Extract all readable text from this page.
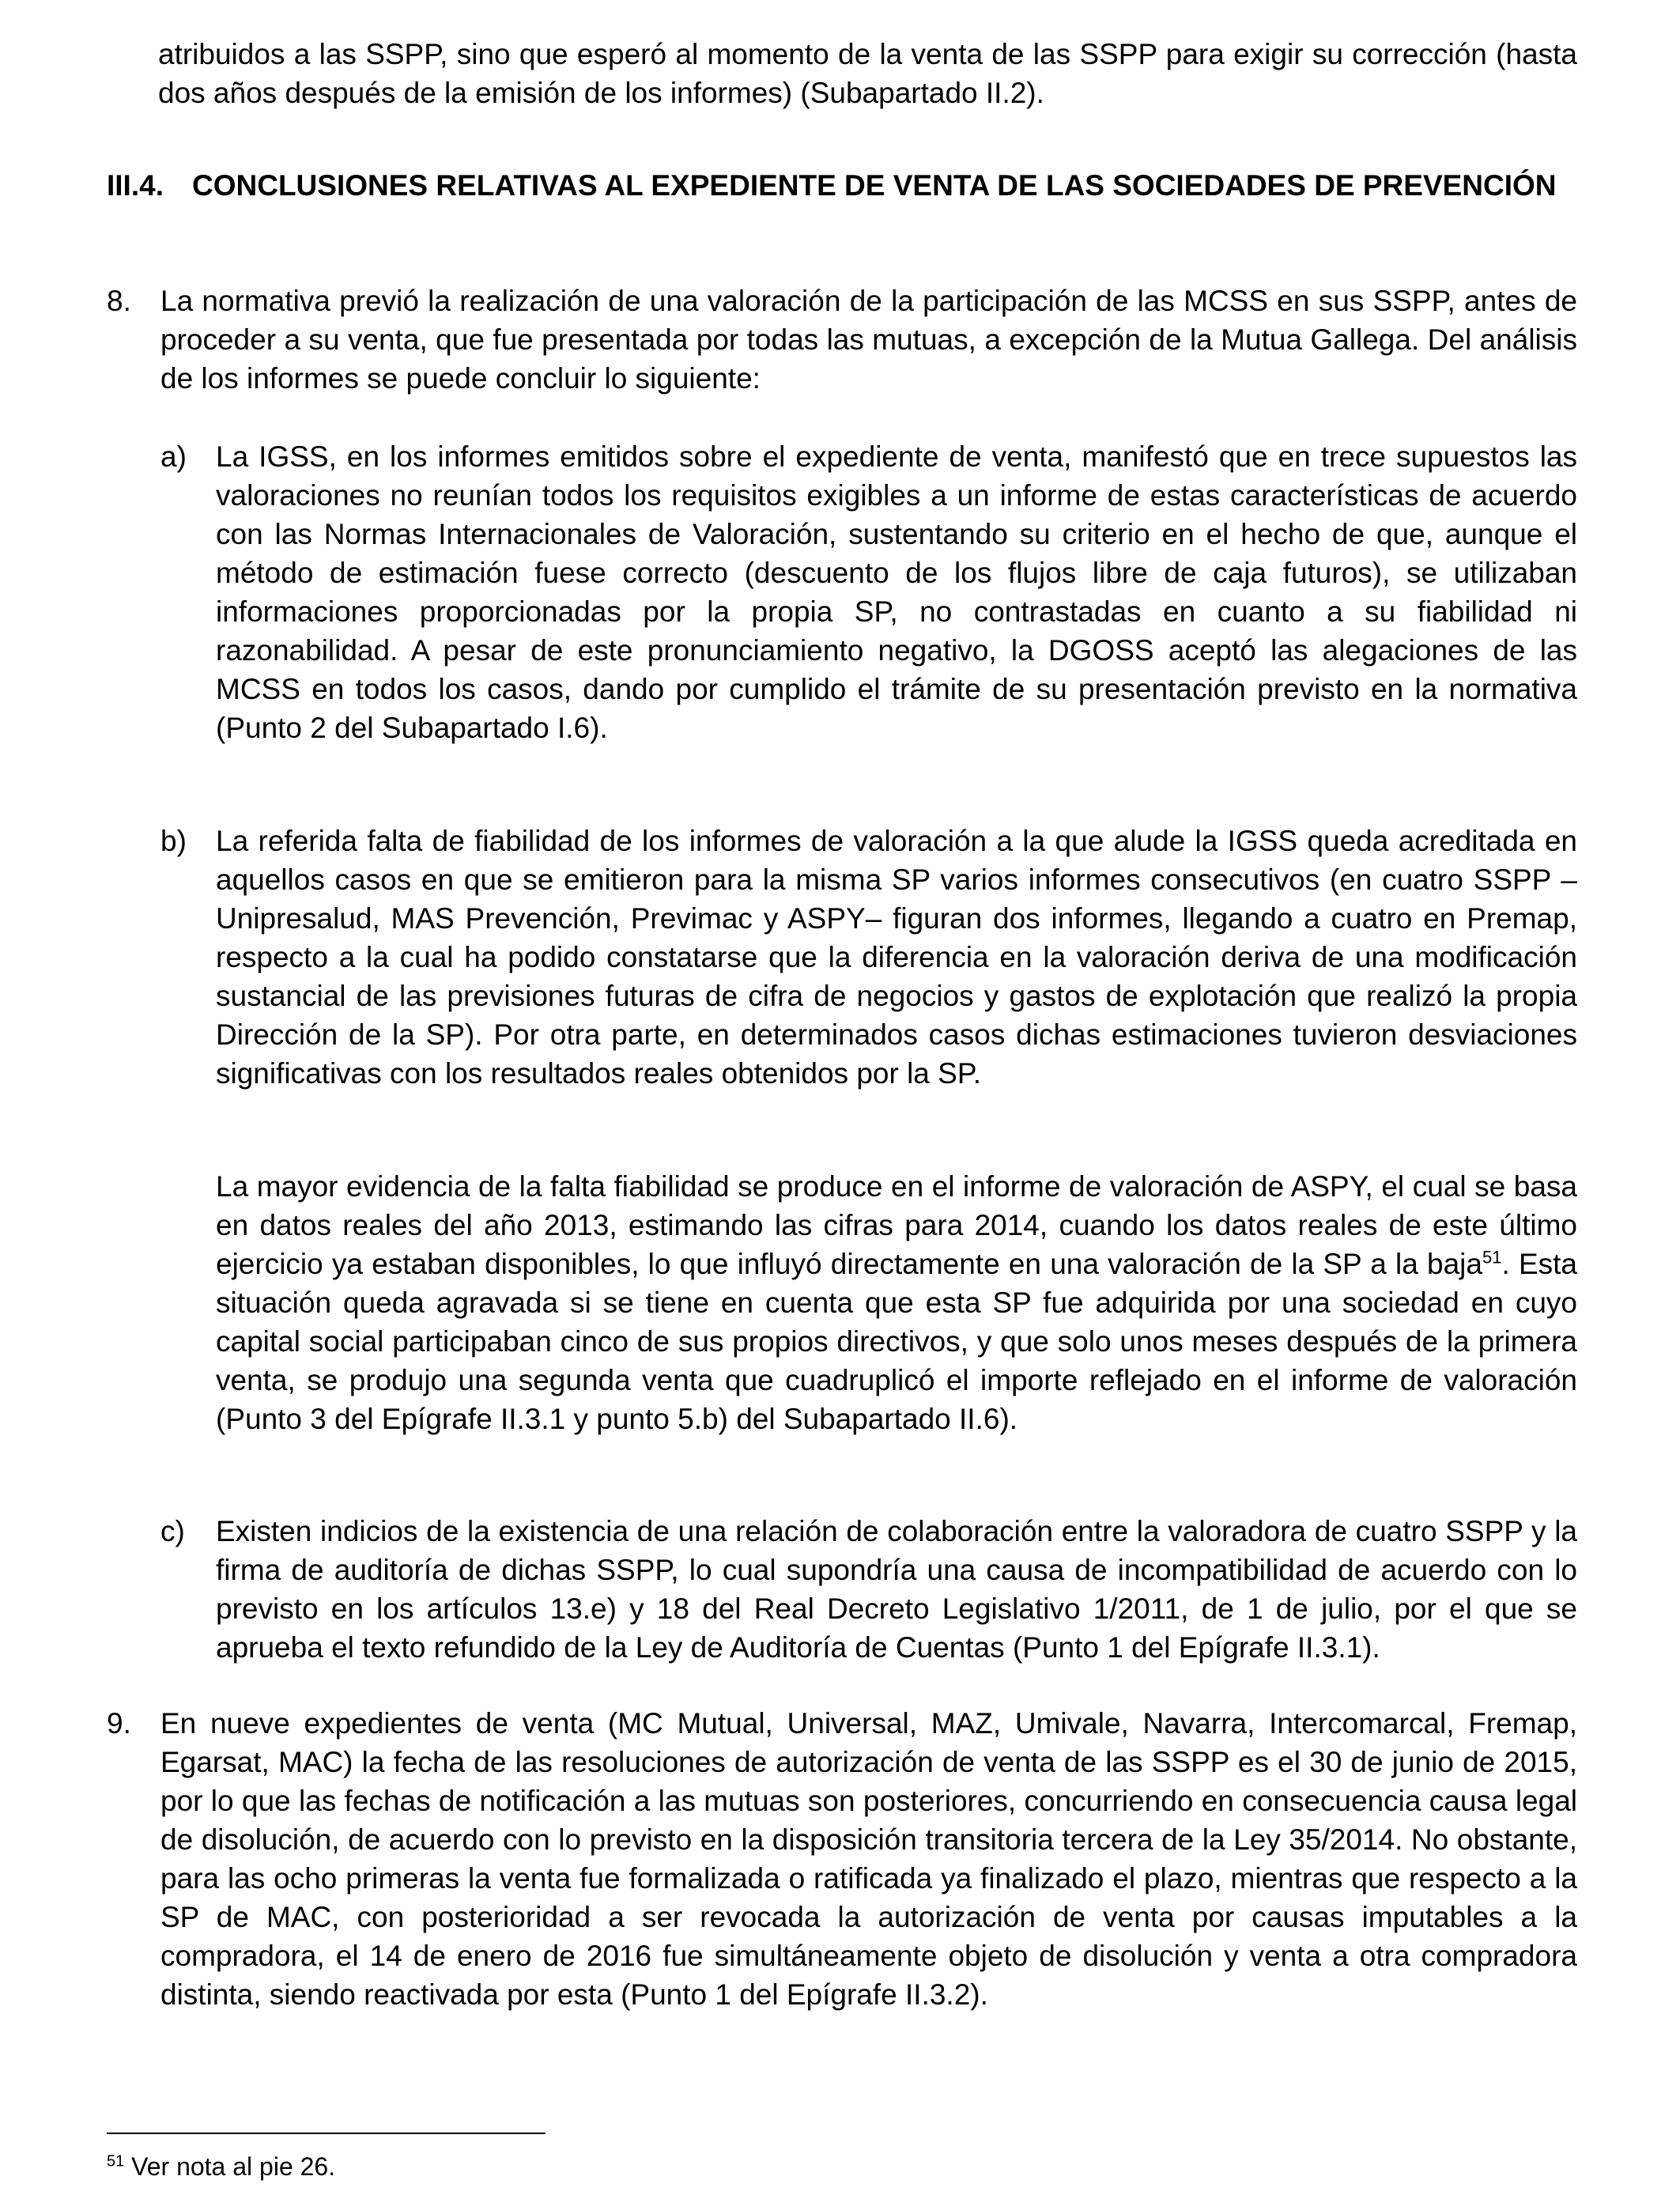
atribuidos a las SSPP, sino que esperó al momento de la venta de las SSPP para exigir su corrección (hasta dos años después de la emisión de los informes) (Subapartado II.2).

III.4. CONCLUSIONES RELATIVAS AL EXPEDIENTE DE VENTA DE LAS SOCIEDADES DE PREVENCIÓN

8. La normativa previó la realización de una valoración de la participación de las MCSS en sus SSPP, antes de proceder a su venta, que fue presentada por todas las mutuas, a excepción de la Mutua Gallega. Del análisis de los informes se puede concluir lo siguiente:

a) La IGSS, en los informes emitidos sobre el expediente de venta, manifestó que en trece supuestos las valoraciones no reunían todos los requisitos exigibles a un informe de estas características de acuerdo con las Normas Internacionales de Valoración, sustentando su criterio en el hecho de que, aunque el método de estimación fuese correcto (descuento de los flujos libre de caja futuros), se utilizaban informaciones proporcionadas por la propia SP, no contrastadas en cuanto a su fiabilidad ni razonabilidad. A pesar de este pronunciamiento negativo, la DGOSS aceptó las alegaciones de las MCSS en todos los casos, dando por cumplido el trámite de su presentación previsto en la normativa (Punto 2 del Subapartado I.6).

b) La referida falta de fiabilidad de los informes de valoración a la que alude la IGSS queda acreditada en aquellos casos en que se emitieron para la misma SP varios informes consecutivos (en cuatro SSPP –Unipresalud, MAS Prevención, Previmac y ASPY– figuran dos informes, llegando a cuatro en Premap, respecto a la cual ha podido constatarse que la diferencia en la valoración deriva de una modificación sustancial de las previsiones futuras de cifra de negocios y gastos de explotación que realizó la propia Dirección de la SP). Por otra parte, en determinados casos dichas estimaciones tuvieron desviaciones significativas con los resultados reales obtenidos por la SP.

La mayor evidencia de la falta fiabilidad se produce en el informe de valoración de ASPY, el cual se basa en datos reales del año 2013, estimando las cifras para 2014, cuando los datos reales de este último ejercicio ya estaban disponibles, lo que influyó directamente en una valoración de la SP a la baja$^{51}$. Esta situación queda agravada si se tiene en cuenta que esta SP fue adquirida por una sociedad en cuyo capital social participaban cinco de sus propios directivos, y que solo unos meses después de la primera venta, se produjo una segunda venta que cuadruplicó el importe reflejado en el informe de valoración (Punto 3 del Epígrafe II.3.1 y punto 5.b) del Subapartado II.6).

c) Existen indicios de la existencia de una relación de colaboración entre la valoradora de cuatro SSPP y la firma de auditoría de dichas SSPP, lo cual supondría una causa de incompatibilidad de acuerdo con lo previsto en los artículos 13.e) y 18 del Real Decreto Legislativo 1/2011, de 1 de julio, por el que se aprueba el texto refundido de la Ley de Auditoría de Cuentas (Punto 1 del Epígrafe II.3.1).

9. En nueve expedientes de venta (MC Mutual, Universal, MAZ, Umivale, Navarra, Intercomarcal, Fremap, Egarsat, MAC) la fecha de las resoluciones de autorización de venta de las SSPP es el 30 de junio de 2015, por lo que las fechas de notificación a las mutuas son posteriores, concurriendo en consecuencia causa legal de disolución, de acuerdo con lo previsto en la disposición transitoria tercera de la Ley 35/2014. No obstante, para las ocho primeras la venta fue formalizada o ratificada ya finalizado el plazo, mientras que respecto a la SP de MAC, con posterioridad a ser revocada la autorización de venta por causas imputables a la compradora, el 14 de enero de 2016 fue simultáneamente objeto de disolución y venta a otra compradora distinta, siendo reactivada por esta (Punto 1 del Epígrafe II.3.2).

$^{51}$ Ver nota al pie 26.
